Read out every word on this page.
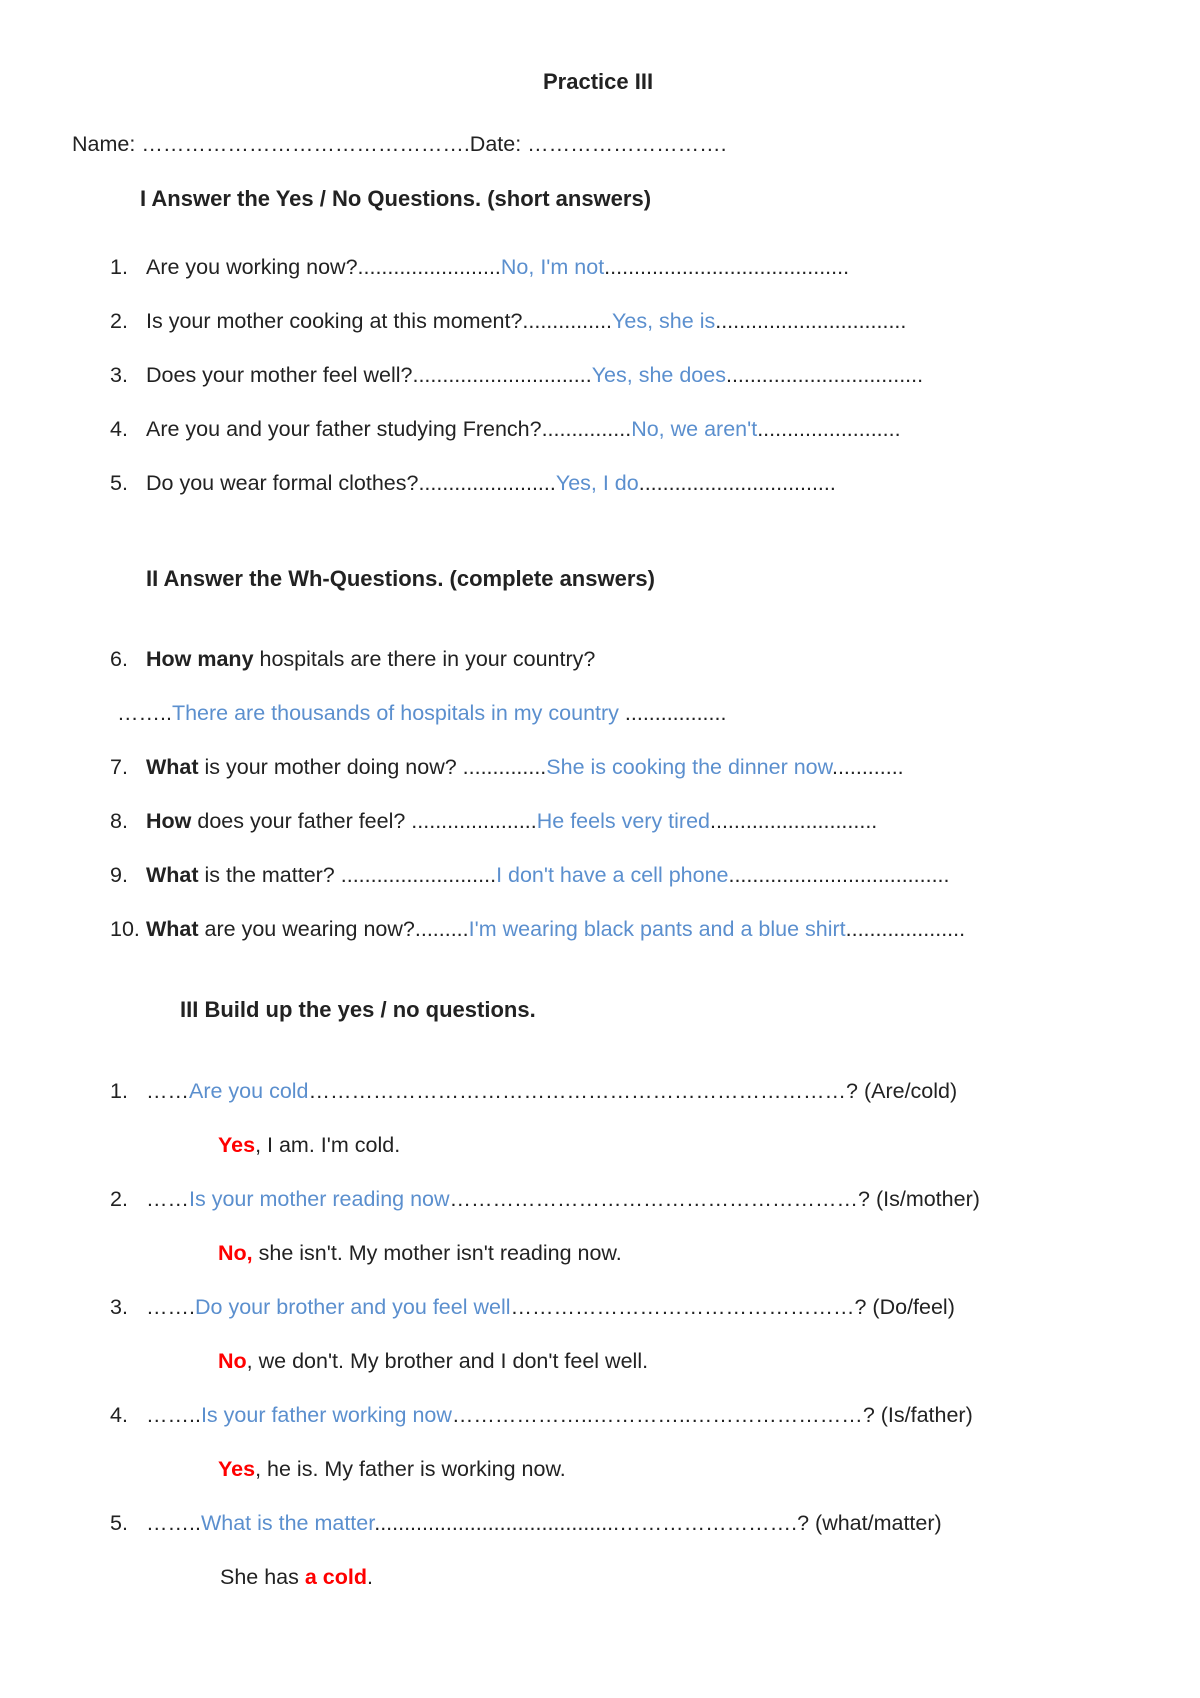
Practice III
Name: ……………………………………….Date: ……………………….
I Answer the Yes / No Questions. (short answers)
1. Are you working now?........................No, I'm not.........................................
2. Is your mother cooking at this moment?...............Yes, she is................................
3. Does your mother feel well?..............................Yes, she does.................................
4. Are you and your father studying French?...............No, we aren't........................
5. Do you wear formal clothes?.......................Yes, I do.................................
II Answer the Wh-Questions. (complete answers)
6. How many hospitals are there in your country?
……..There are thousands of hospitals in my country .................
7. What is your mother doing now? ..............She is cooking the dinner now............
8. How does your father feel? .....................He feels very tired............................
9. What is the matter? ..........................I don't have a cell phone.....................................
10. What are you wearing now?.........I'm wearing black pants and a blue shirt....................
III Build up the yes / no questions.
1. ……Are you cold…………………………………………………………………? (Are/cold)
Yes, I am. I'm cold.
2. ……Is your mother reading now…………………………………………………? (Is/mother)
No, she isn't. My mother isn't reading now.
3. …….Do your brother and you feel well…………………………………………? (Do/feel)
No, we don't. My brother and I don't feel well.
4. ……..Is your father working now………………..…………..……………………? (Is/father)
Yes, he is. My father is working now.
5. ……..What is the matter.........................................…………………….? (what/matter)
She has a cold.
